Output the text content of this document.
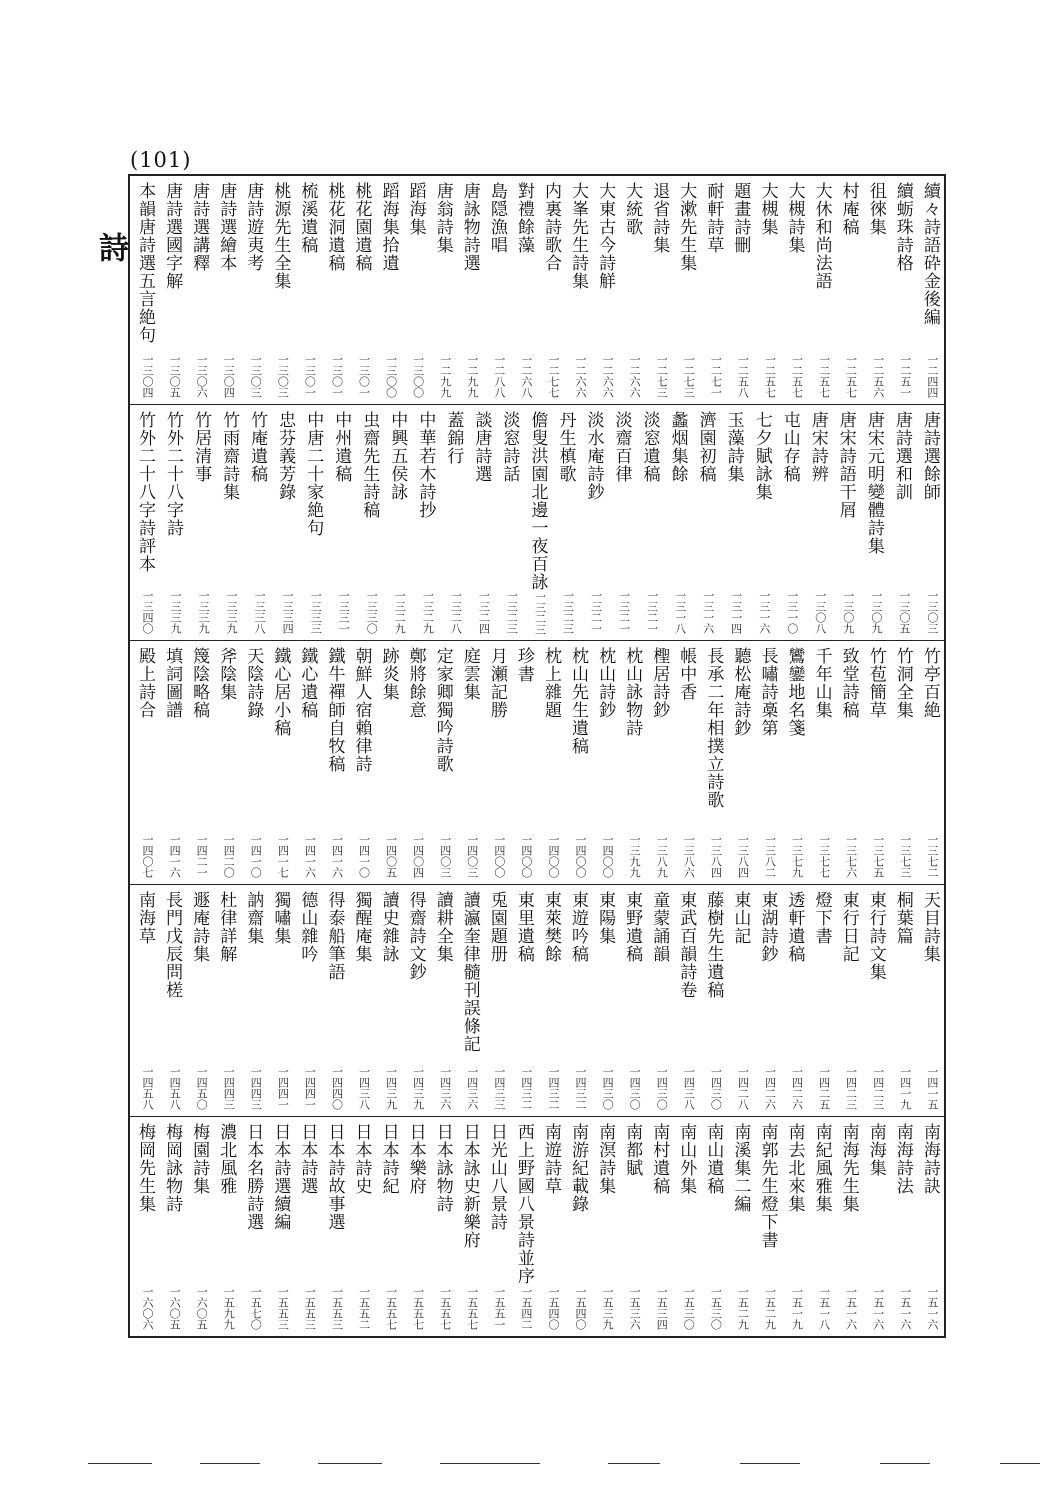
(101)
詩	續々詩語砕金後編
一二四四
續蛎珠詩格
一二五一
徂徠集
一二五六
村庵稿
一二五七
大休和尚法語
一二五七
大槻詩集
一二五七
大槻集
一二五七
題畫詩刪
一二五八
耐軒詩草
一二七一
大漱先生集
一二七三
退省詩集
一二七三
大統歌
一二六六
大東古今詩觧
一二六六
大峯先生詩集
一二六六
内裏詩歌合
一二七七
對禮餘藻
一二六八
島隠漁唱
一二八八
唐詠物詩選
一二九九
唐翁詩集
一二九九
蹈海集
一三〇〇
蹈海集拾遺
一三〇〇
桃花園遺稿
一三〇一
桃花洞遺稿
一三〇一
梳溪遺稿
一三〇一
桃源先生全集
一三〇三
唐詩遊夷考
一三〇三
唐詩選繪本
一三〇四
唐詩選講釋
一三〇六
唐詩選國字解
一三〇五
本韻唐詩選五言絶句
一三〇四
唐詩選餘師
一三〇三
唐詩選和訓
一三〇五
唐宋元明變體詩集
一三〇九
唐宋詩語干屑
一三〇九
唐宋詩辨
一三〇八
屯山存稿
一三一〇
七夕賦詠集
一三一六
玉藻詩集
一三一四
濟園初稿
一三一六
蠡烟集餘
一三一八
淡窓遺稿
一三二一
淡齋百律
一三二一
淡水庵詩鈔
一三二一
丹生槙歌
一三二三
儋叟洪園北邊一夜百詠
一三二三
淡窓詩話
一三二三
談唐詩選
一三二四
蓋錦行
一三二八
中華若木詩抄
一三二九
中興五侯詠
一三二九
虫齋先生詩稿
一三三〇
中州遺稿
一三三一
中唐二十家絶句
一三三三
忠芬義芳錄
一三三四
竹庵遺稿
一三三八
竹雨齋詩集
一三三九
竹居清事
一三三九
竹外二十八字詩
一三三九
竹外二十八字詩評本
一三四〇
竹亭百絶
一三七二
竹洞全集
一三七三
竹苞簡草
一三七五
致堂詩稿
一三七六
千年山集
一三七七
鸞鑾地名箋
一三七九
長嘯詩槀第
一三八二
聽松庵詩鈔
一三八四
長承二年相撲立詩歌
一三八四
帳中香
一三八六
檉居詩鈔
一三八九
枕山詠物詩
一三九九
枕山詩鈔
一四〇〇
枕山先生遺稿
一四〇〇
枕上雜題
一四〇〇
珍書
一四〇〇
月瀬記勝
一四〇〇
庭雲集
一四〇三
定家卿獨吟詩歌
一四〇三
鄭將餘意
一四〇四
跡炎集
一四〇五
朝鮮人宿賴律詩
一四一〇
鐵牛禪師自牧稿
一四一六
鐵心遺稿
一四一六
鐵心居小稿
一四一七
天陰詩錄
一四一〇
斧陰集
一四二〇
篾陰略稿
一四二一
填詞圖譜
一四一六
殿上詩合
一四〇七
天目詩集
一四一五
桐葉篇
一四一九
東行詩文集
一四二三
東行日記
一四二三
燈下書
一四二五
透軒遺稿
一四二六
東湖詩鈔
一四二六
東山記
一四二八
藤樹先生遺稿
一四三〇
東武百韻詩卷
一四三八
童蒙誦韻
一四三〇
東野遺稿
一四三〇
東陽集
一四三〇
東遊吟稿
一四三二
東萊樊餘
一四三二
東里遺稿
一四三二
兎園題册
一四三三
讀瀛奎律髓刊誤條記
一四三六
讀耕全集
一四三六
得齋詩文鈔
一四三九
讀史雜詠
一四三九
獨醒庵集
一四三八
得泰船筆語
一四四〇
德山雜吟
一四四一
獨嘯集
一四四一
訥齋集
一四四三
杜律詳解
一四四三
遯庵詩集
一四五〇
長門戊辰問槎
一四五八
南海草
一四五八
南海詩訣
一五一六
南海詩法
一五一六
南海集
一五一六
南海先生集
一五一六
南紀風雅集
一五一八
南去北來集
一五一九
南郭先生燈下書
一五二九
南溪集二編
一五二九
南山遺稿
一五三〇
南山外集
一五三〇
南村遺稿
一五三四
南都賦
一五三六
南溟詩集
一五三九
南游紀載錄
一五四〇
南遊詩草
一五四〇
西上野國八景詩並序
一五四二
日光山八景詩
一五五一
日本詠史新樂府
一五五七
日本詠物詩
一五五七
日本樂府
一五五七
日本詩紀
一五五七
日本詩史
一五五二
日本詩故事選
一五五三
日本詩選
一五五三
日本詩選續編
一五五三
日本名勝詩選
一五七〇
濃北風雅
一五九九
梅園詩集
一六〇五
梅岡詠物詩
一六〇五
梅岡先生集
一六〇六
